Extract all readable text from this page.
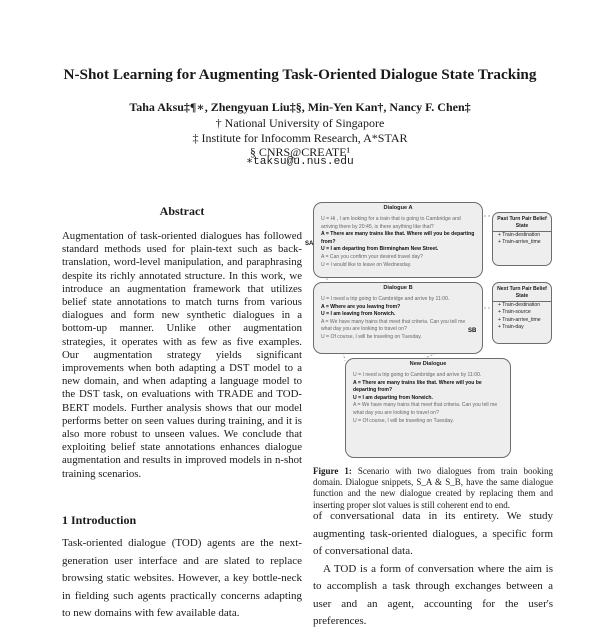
N-Shot Learning for Augmenting Task-Oriented Dialogue State Tracking
Taha Aksu‡¶∗, Zhengyuan Liu‡§, Min-Yen Kan†, Nancy F. Chen‡
† National University of Singapore
‡ Institute for Infocomm Research, A*STAR
§ CNRS@CREATE¹
∗taksu@u.nus.edu
Abstract
Augmentation of task-oriented dialogues has followed standard methods used for plain-text such as back-translation, word-level manipulation, and paraphrasing despite its richly annotated structure. In this work, we introduce an augmentation framework that utilizes belief state annotations to match turns from various dialogues and form new synthetic dialogues in a bottom-up manner. Unlike other augmentation strategies, it operates with as few as five examples. Our augmentation strategy yields significant improvements when both adapting a DST model to a new domain, and when adapting a language model to the DST task, on evaluations with TRADE and TOD-BERT models. Further analysis shows that our model performs better on seen values during training, and it is also more robust to unseen values. We conclude that exploiting belief state annotations enhances dialogue augmentation and results in improved models in n-shot training scenarios.
1 Introduction
Task-oriented dialogue (TOD) agents are the next-generation user interface and are slated to replace browsing static websites. However, a key bottle-neck in fielding such agents practically concerns adapting to new domains with few available data.

of conversational data in its entirety. We study augmenting task-oriented dialogues, a specific form of conversational data.

A TOD is a form of conversation where the aim is to accomplish a task through exchanges between a user and an agent, accounting for the user's preferences.

Dialogue A
U = Hi , I am looking for a train that is going to Cambridge and arriving there by 20:45, is there anything like that?
A = There are many trains like that. Where will you be departing from?
U = I am departing from Birmingham New Street.
A = Can you confirm your desired travel day?
U = I would like to leave on Wednesday.
SA
Dialogue B
U = I need a trip going to Cambridge and arrive by 11:00.
A = Where are you leaving from?
U = I am leaving from Norwich.
A = We have many trains that meet that criteria. Can you tell me what day you are looking to travel on?
U = Of course, I will be traveling on Tuesday.
SB
Past Turn Pair Belief State
+ Train-destination
+ Train-arrive_time
Next Turn Pair Belief State
+ Train-destination
+ Train-source
+ Train-arrive_time
+ Train-day
New Dialogue
U = I need a trip going to Cambridge and arrive by 11:00.
A = There are many trains like that. Where will you be departing from?
U = I am departing from Norwich.
A = We have many trains that meet that criteria. Can you tell me what day you are looking to travel on?
U = Of course, I will be traveling on Tuesday.
Figure 1: Scenario with two dialogues from train booking domain. Dialogue snippets, S_A & S_B, have the same dialogue function and the new dialogue created by replacing them and inserting proper slot values is still coherent end to end.
